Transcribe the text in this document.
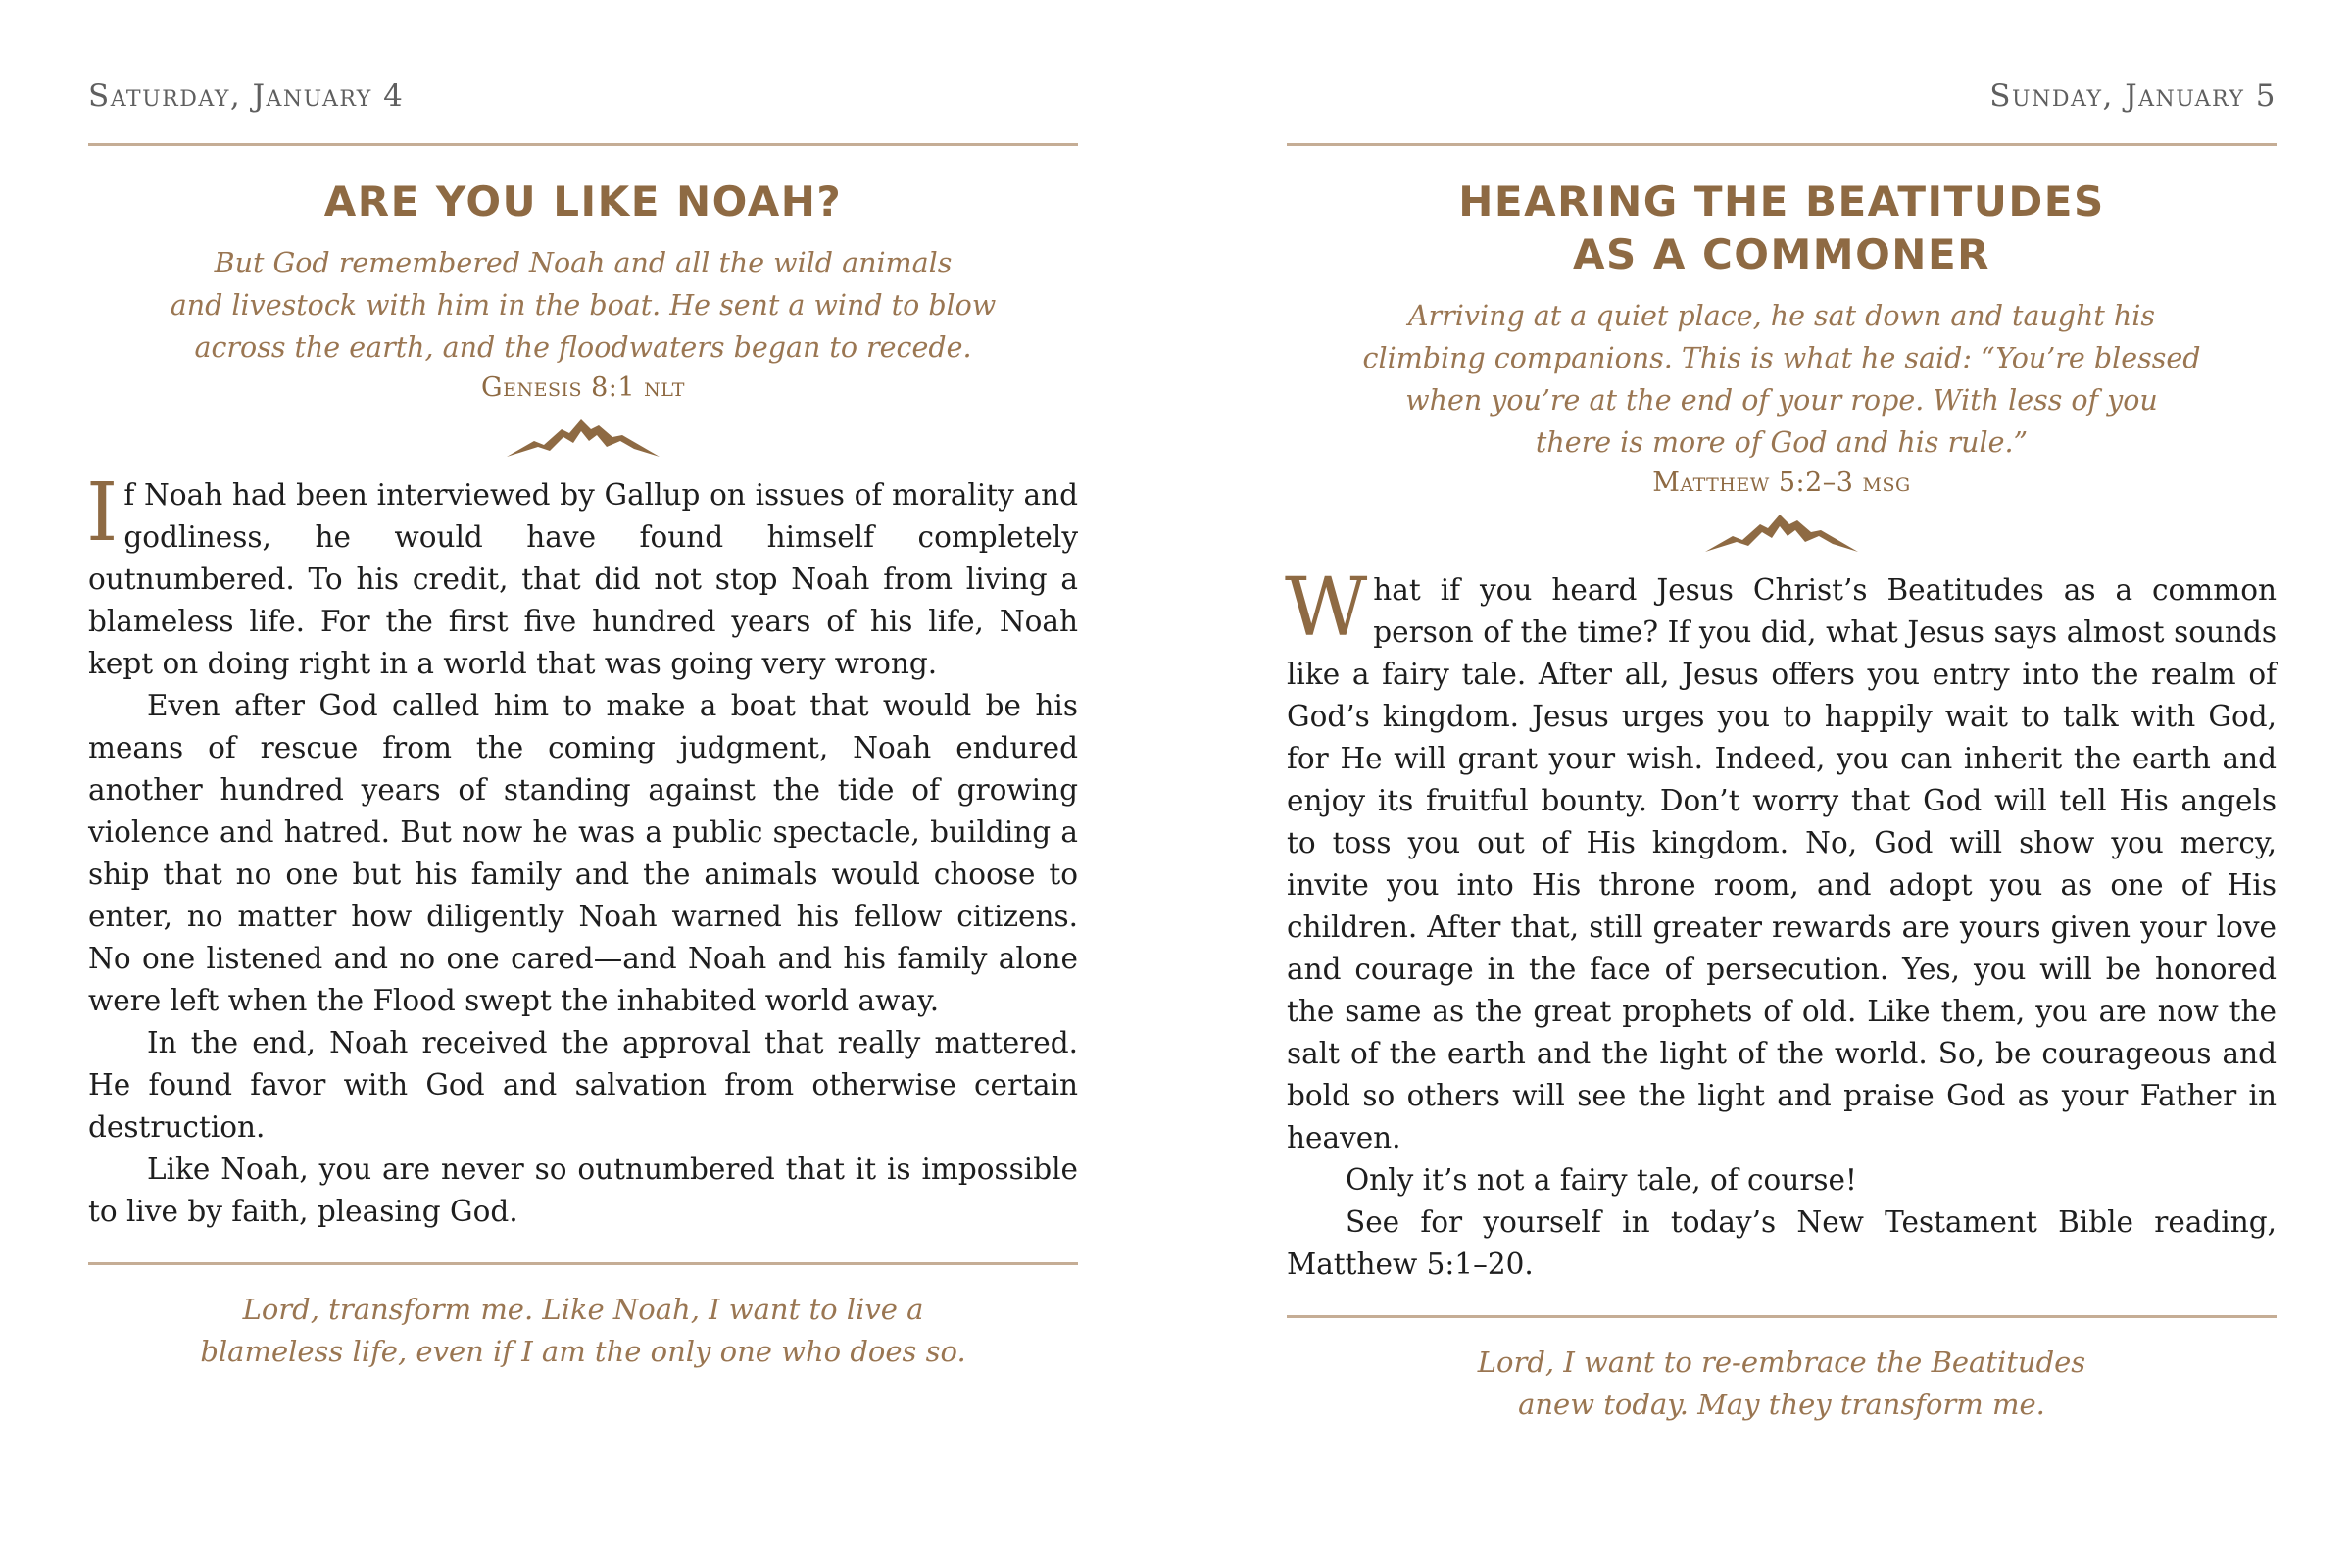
Saturday, January 4
ARE YOU LIKE NOAH?
But God remembered Noah and all the wild animals
and livestock with him in the boat. He sent a wind to blow
across the earth, and the floodwaters began to recede.
Genesis 8:1 nlt

If Noah had been interviewed by Gallup on issues of morality and godliness, he would have found himself completely outnumbered. To his credit, that did not stop Noah from living a blameless life. For the first five hundred years of his life, Noah kept on doing right in a world that was going very wrong.

Even after God called him to make a boat that would be his means of rescue from the coming judgment, Noah endured another hundred years of standing against the tide of growing violence and hatred. But now he was a public spectacle, building a ship that no one but his family and the animals would choose to enter, no matter how diligently Noah warned his fellow citizens. No one listened and no one cared—and Noah and his family alone were left when the Flood swept the inhabited world away.

In the end, Noah received the approval that really mattered. He found favor with God and salvation from otherwise certain destruction.

Like Noah, you are never so outnumbered that it is impossible to live by faith, pleasing God.

Lord, transform me. Like Noah, I want to live a
blameless life, even if I am the only one who does so.
Sunday, January 5
HEARING THE BEATITUDES
AS A COMMONER
Arriving at a quiet place, he sat down and taught his
climbing companions. This is what he said: “You’re blessed
when you’re at the end of your rope. With less of you
there is more of God and his rule.”
Matthew 5:2–3 msg

What if you heard Jesus Christ’s Beatitudes as a common person of the time? If you did, what Jesus says almost sounds like a fairy tale. After all, Jesus offers you entry into the realm of God’s kingdom. Jesus urges you to happily wait to talk with God, for He will grant your wish. Indeed, you can inherit the earth and enjoy its fruitful bounty. Don’t worry that God will tell His angels to toss you out of His kingdom. No, God will show you mercy, invite you into His throne room, and adopt you as one of His children. After that, still greater rewards are yours given your love and courage in the face of persecution. Yes, you will be honored the same as the great prophets of old. Like them, you are now the salt of the earth and the light of the world. So, be courageous and bold so others will see the light and praise God as your Father in heaven.

Only it’s not a fairy tale, of course!

See for yourself in today’s New Testament Bible reading, Matthew 5:1–20.

Lord, I want to re-embrace the Beatitudes
anew today. May they transform me.
